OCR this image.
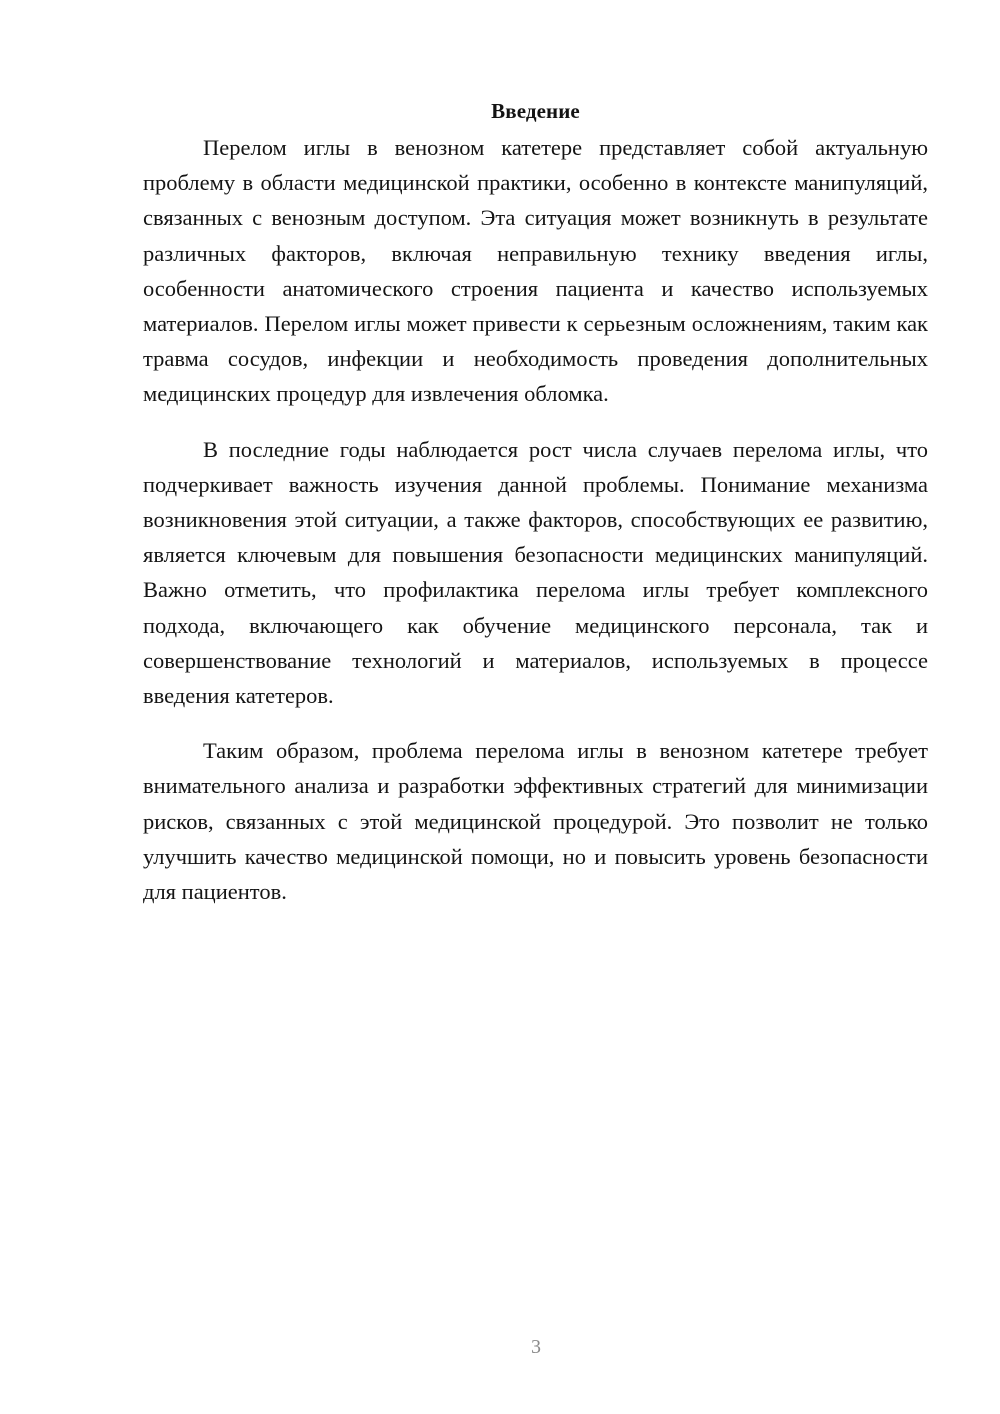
Введение

Перелом иглы в венозном катетере представляет собой актуальную проблему в области медицинской практики, особенно в контексте манипуляций, связанных с венозным доступом. Эта ситуация может возникнуть в результате различных факторов, включая неправильную технику введения иглы, особенности анатомического строения пациента и качество используемых материалов. Перелом иглы может привести к серьезным осложнениям, таким как травма сосудов, инфекции и необходимость проведения дополнительных медицинских процедур для извлечения обломка.

В последние годы наблюдается рост числа случаев перелома иглы, что подчеркивает важность изучения данной проблемы. Понимание механизма возникновения этой ситуации, а также факторов, способствующих ее развитию, является ключевым для повышения безопасности медицинских манипуляций. Важно отметить, что профилактика перелома иглы требует комплексного подхода, включающего как обучение медицинского персонала, так и совершенствование технологий и материалов, используемых в процессе введения катетеров.

Таким образом, проблема перелома иглы в венозном катетере требует внимательного анализа и разработки эффективных стратегий для минимизации рисков, связанных с этой медицинской процедурой. Это позволит не только улучшить качество медицинской помощи, но и повысить уровень безопасности для пациентов.

3
